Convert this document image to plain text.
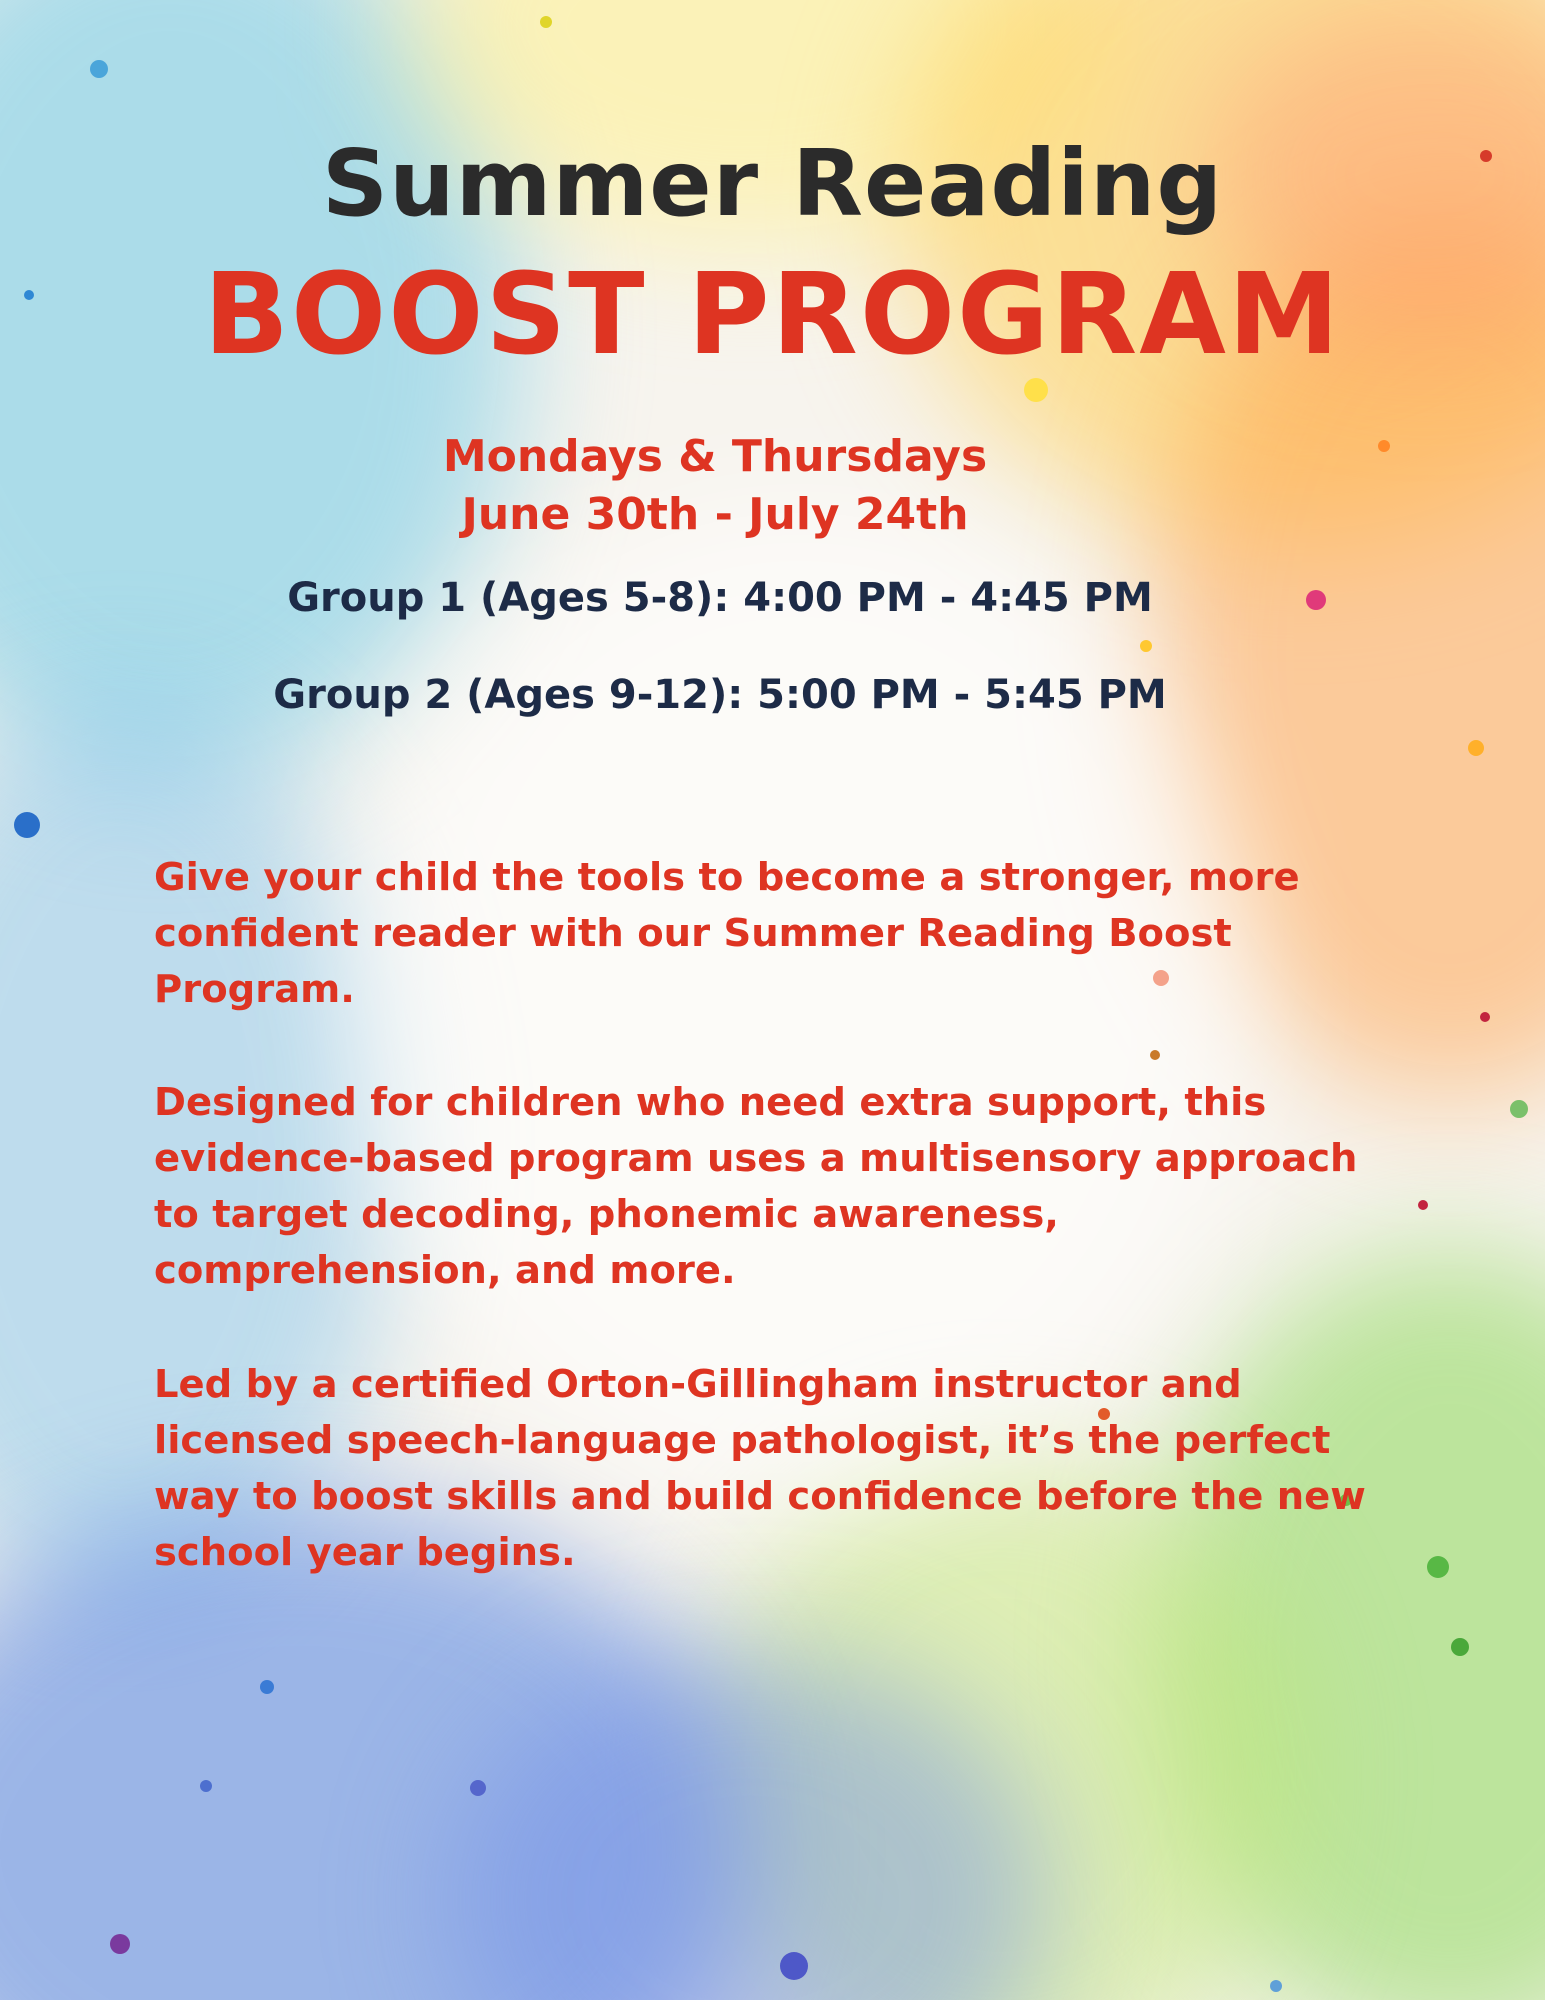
Summer Reading
BOOST PROGRAM
Mondays & Thursdays
June 30th - July 24th
Group 1 (Ages 5-8): 4:00 PM - 4:45 PM
Group 2 (Ages 9-12): 5:00 PM - 5:45 PM

Give your child the tools to become a stronger, more confident reader with our Summer Reading Boost Program.

Designed for children who need extra support, this evidence-based program uses a multisensory approach to target decoding, phonemic awareness, comprehension, and more.

Led by a certified Orton-Gillingham instructor and licensed speech-language pathologist, it’s the perfect way to boost skills and build confidence before the new school year begins.
